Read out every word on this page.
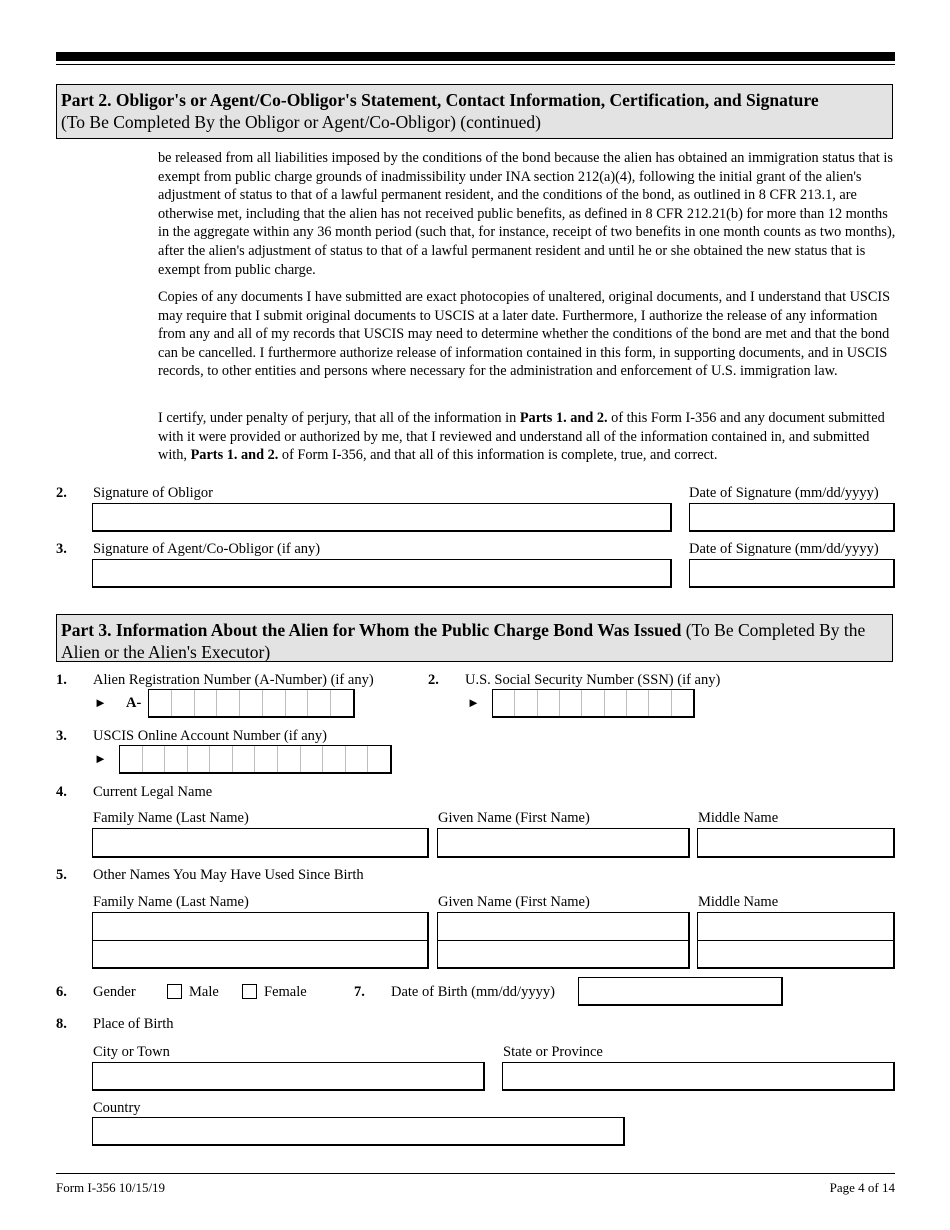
Part 2. Obligor's or Agent/Co-Obligor's Statement, Contact Information, Certification, and Signature
(To Be Completed By the Obligor or Agent/Co-Obligor) (continued)

be released from all liabilities imposed by the conditions of the bond because the alien has obtained an immigration status that is exempt from public charge grounds of inadmissibility under INA section 212(a)(4), following the initial grant of the alien's adjustment of status to that of a lawful permanent resident, and the conditions of the bond, as outlined in 8 CFR 213.1, are otherwise met, including that the alien has not received public benefits, as defined in 8 CFR 212.21(b) for more than 12 months in the aggregate within any 36 month period (such that, for instance, receipt of two benefits in one month counts as two months), after the alien's adjustment of status to that of a lawful permanent resident and until he or she obtained the new status that is exempt from public charge.

Copies of any documents I have submitted are exact photocopies of unaltered, original documents, and I understand that USCIS may require that I submit original documents to USCIS at a later date. Furthermore, I authorize the release of any information from any and all of my records that USCIS may need to determine whether the conditions of the bond are met and that the bond can be cancelled. I furthermore authorize release of information contained in this form, in supporting documents, and in USCIS records, to other entities and persons where necessary for the administration and enforcement of U.S. immigration law.

I certify, under penalty of perjury, that all of the information in Parts 1. and 2. of this Form I-356 and any document submitted with it were provided or authorized by me, that I reviewed and understand all of the information contained in, and submitted with, Parts 1. and 2. of Form I-356, and that all of this information is complete, true, and correct.

2. Signature of Obligor	Date of Signature (mm/dd/yyyy)
3. Signature of Agent/Co-Obligor (if any)	Date of Signature (mm/dd/yyyy)
Part 3. Information About the Alien for Whom the Public Charge Bond Was Issued (To Be Completed By the Alien or the Alien's Executor)
1. Alien Registration Number (A-Number) (if any)
► A-
2. U.S. Social Security Number (SSN) (if any)
►
3. USCIS Online Account Number (if any)
►
4. Current Legal Name
Family Name (Last Name)	Given Name (First Name)	Middle Name
5. Other Names You May Have Used Since Birth
Family Name (Last Name)	Given Name (First Name)	Middle Name
6. Gender	Male	Female	7. Date of Birth (mm/dd/yyyy)
8. Place of Birth
City or Town	State or Province
Country
Form I-356 10/15/19	Page 4 of 14
